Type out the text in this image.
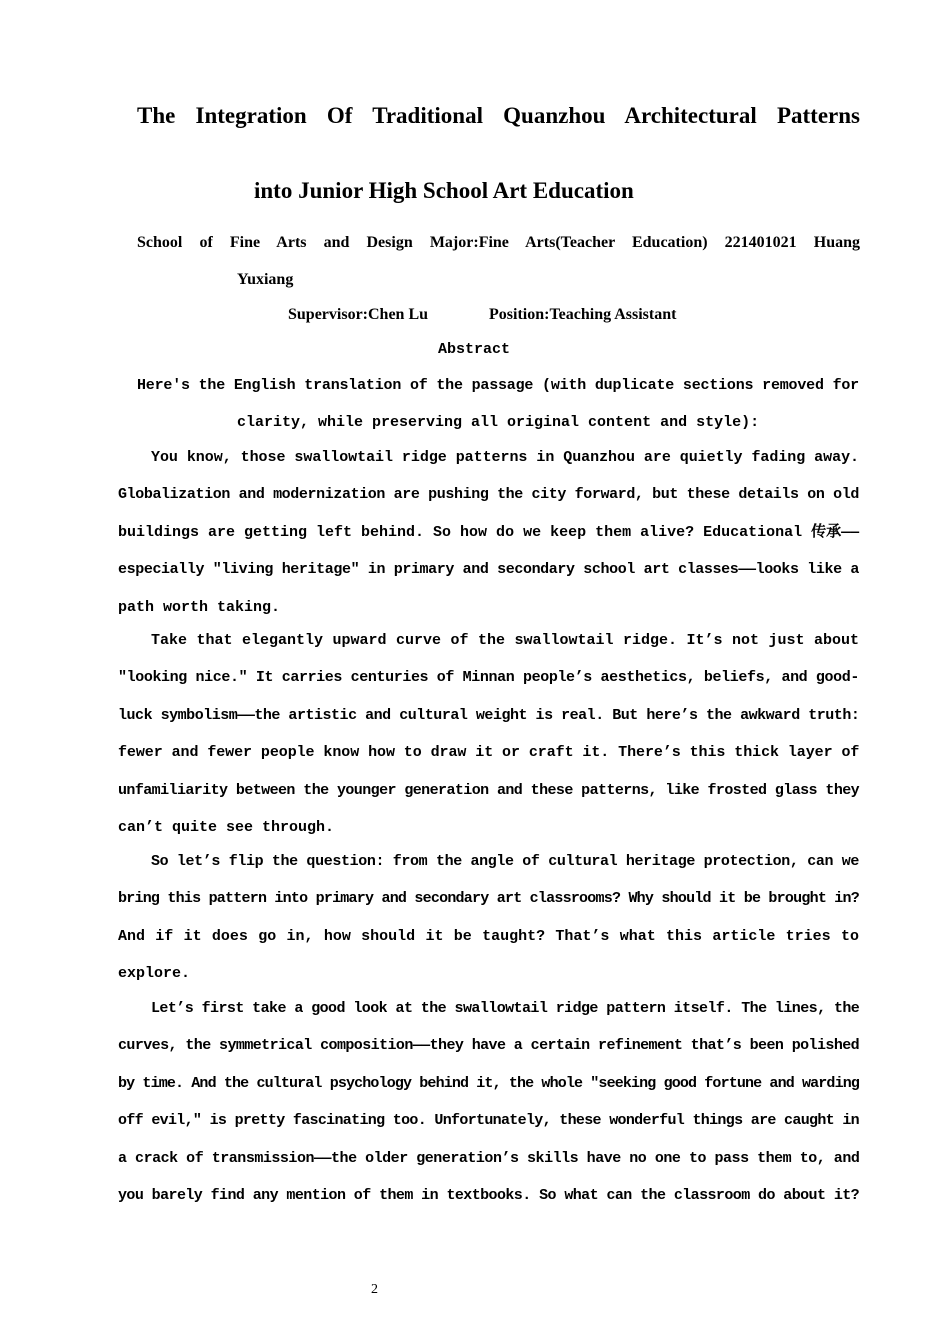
The Integration Of Traditional Quanzhou Architectural Patterns
into Junior High School Art Education
School of Fine Arts and Design Major:Fine Arts(Teacher Education) 221401021 Huang
Yuxiang
Supervisor:Chen Lu	Position:Teaching Assistant
Abstract
Here's the English translation of the passage (with duplicate sections removed for
clarity, while preserving all original content and style):
You know, those swallowtail ridge patterns in Quanzhou are quietly fading away.
Globalization and modernization are pushing the city forward, but these details on old
buildings are getting left behind. So how do we keep them alive? Educational 传承——
especially "living heritage" in primary and secondary school art classes——looks like a
path worth taking.
Take that elegantly upward curve of the swallowtail ridge. It’s not just about
"looking nice." It carries centuries of Minnan people’s aesthetics, beliefs, and good-
luck symbolism——the artistic and cultural weight is real. But here’s the awkward truth:
fewer and fewer people know how to draw it or craft it. There’s this thick layer of
unfamiliarity between the younger generation and these patterns, like frosted glass they
can’t quite see through.
So let’s flip the question: from the angle of cultural heritage protection, can we
bring this pattern into primary and secondary art classrooms? Why should it be brought in?
And if it does go in, how should it be taught? That’s what this article tries to
explore.
Let’s first take a good look at the swallowtail ridge pattern itself. The lines, the
curves, the symmetrical composition——they have a certain refinement that’s been polished
by time. And the cultural psychology behind it, the whole "seeking good fortune and warding
off evil," is pretty fascinating too. Unfortunately, these wonderful things are caught in
a crack of transmission——the older generation’s skills have no one to pass them to, and
you barely find any mention of them in textbooks. So what can the classroom do about it?
2
